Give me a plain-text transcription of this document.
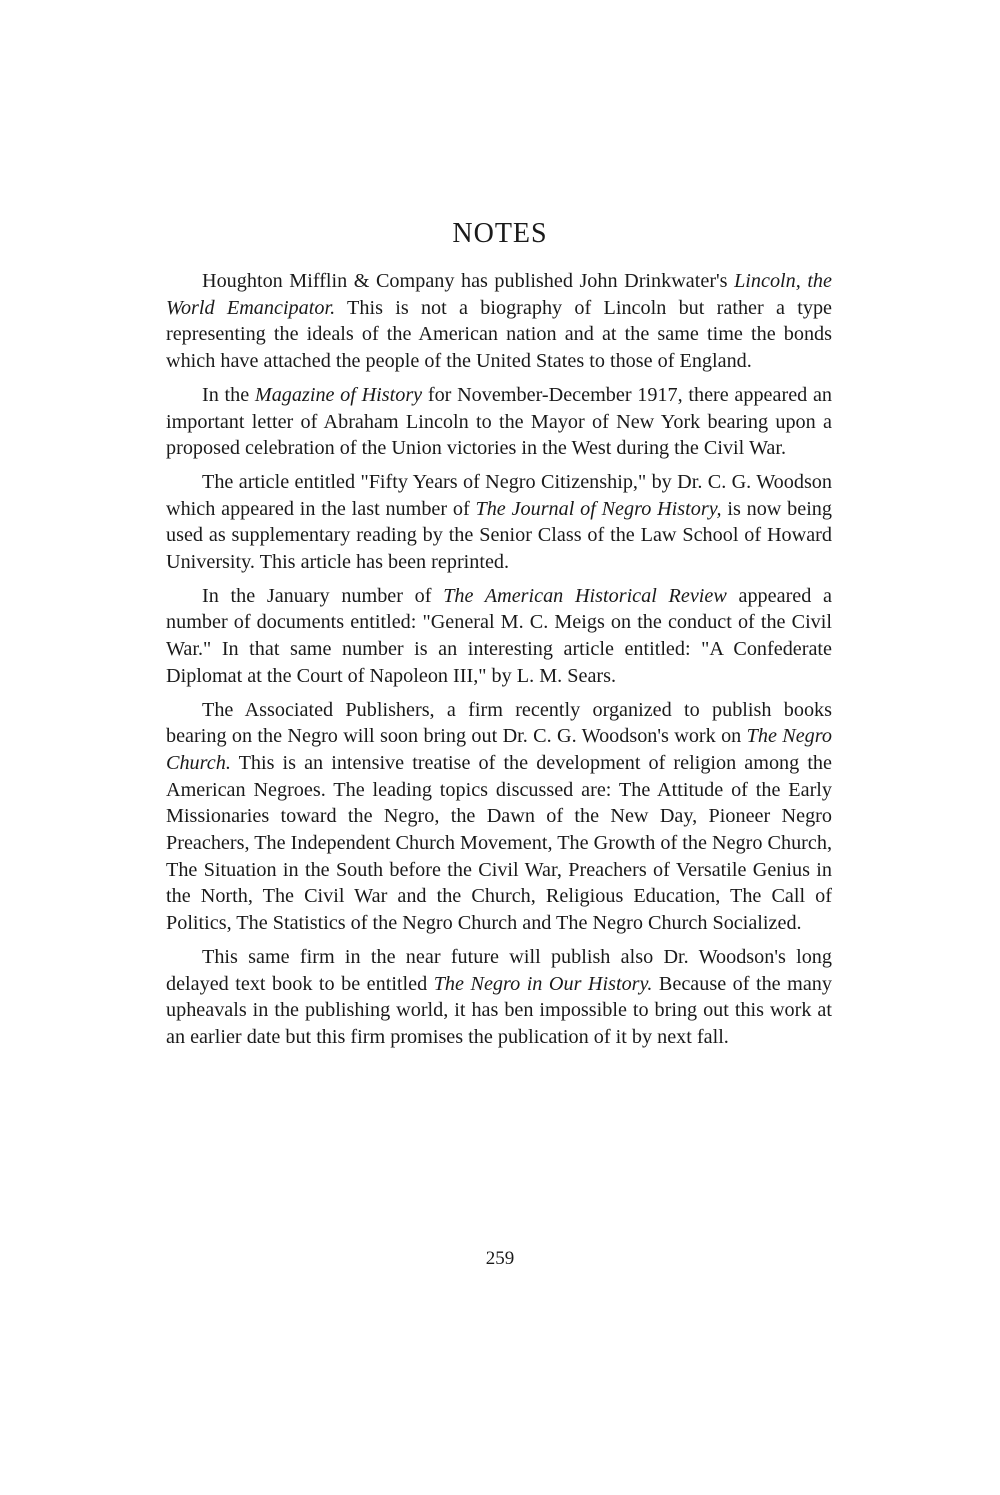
NOTES

Houghton Mifflin & Company has published John Drinkwater's Lincoln, the World Emancipator. This is not a biography of Lincoln but rather a type representing the ideals of the American nation and at the same time the bonds which have attached the people of the United States to those of England.

In the Magazine of History for November-December 1917, there appeared an important letter of Abraham Lincoln to the Mayor of New York bearing upon a proposed celebration of the Union victories in the West during the Civil War.

The article entitled "Fifty Years of Negro Citizenship," by Dr. C. G. Woodson which appeared in the last number of The Journal of Negro History, is now being used as supplementary reading by the Senior Class of the Law School of Howard University. This article has been reprinted.

In the January number of The American Historical Review appeared a number of documents entitled: "General M. C. Meigs on the conduct of the Civil War." In that same number is an interesting article entitled: "A Confederate Diplomat at the Court of Napoleon III," by L. M. Sears.

The Associated Publishers, a firm recently organized to publish books bearing on the Negro will soon bring out Dr. C. G. Woodson's work on The Negro Church. This is an intensive treatise of the development of religion among the American Negroes. The leading topics discussed are: The Attitude of the Early Missionaries toward the Negro, the Dawn of the New Day, Pioneer Negro Preachers, The Independent Church Movement, The Growth of the Negro Church, The Situation in the South before the Civil War, Preachers of Versatile Genius in the North, The Civil War and the Church, Religious Education, The Call of Politics, The Statistics of the Negro Church and The Negro Church Socialized.

This same firm in the near future will publish also Dr. Woodson's long delayed text book to be entitled The Negro in Our History. Because of the many upheavals in the publishing world, it has ben impossible to bring out this work at an earlier date but this firm promises the publication of it by next fall.

259
